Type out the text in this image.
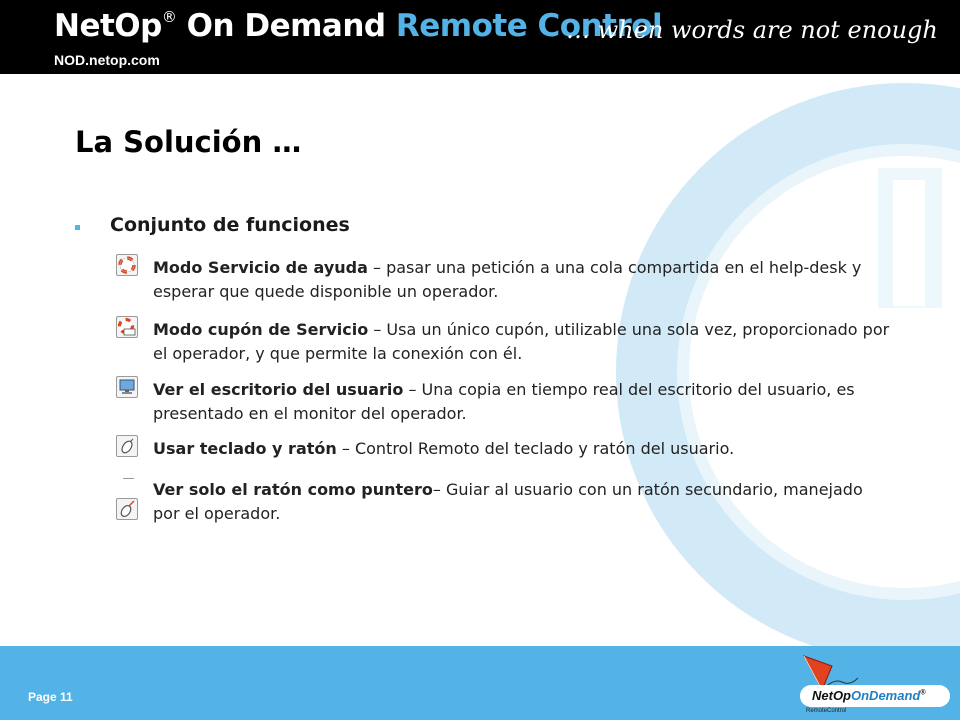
NetOp® On Demand Remote Control
… when words are not enough
NOD.netop.com
La Solución …
Conjunto de funciones
Modo Servicio de ayuda – pasar una petición a una cola compartida en el help-desk y esperar que quede disponible un operador.
Modo cupón de Servicio – Usa un único cupón, utilizable una sola vez, proporcionado por el operador, y que permite la conexión con él.
Ver el escritorio del usuario – Una copia en tiempo real del escritorio del usuario, es presentado en el monitor del operador.
Usar teclado y ratón – Control Remoto del teclado y ratón del usuario.
Ver solo el ratón como puntero– Guiar al usuario con un ratón secundario, manejado por el operador.
Page 11	NetOpOnDemand®
RemoteControl
